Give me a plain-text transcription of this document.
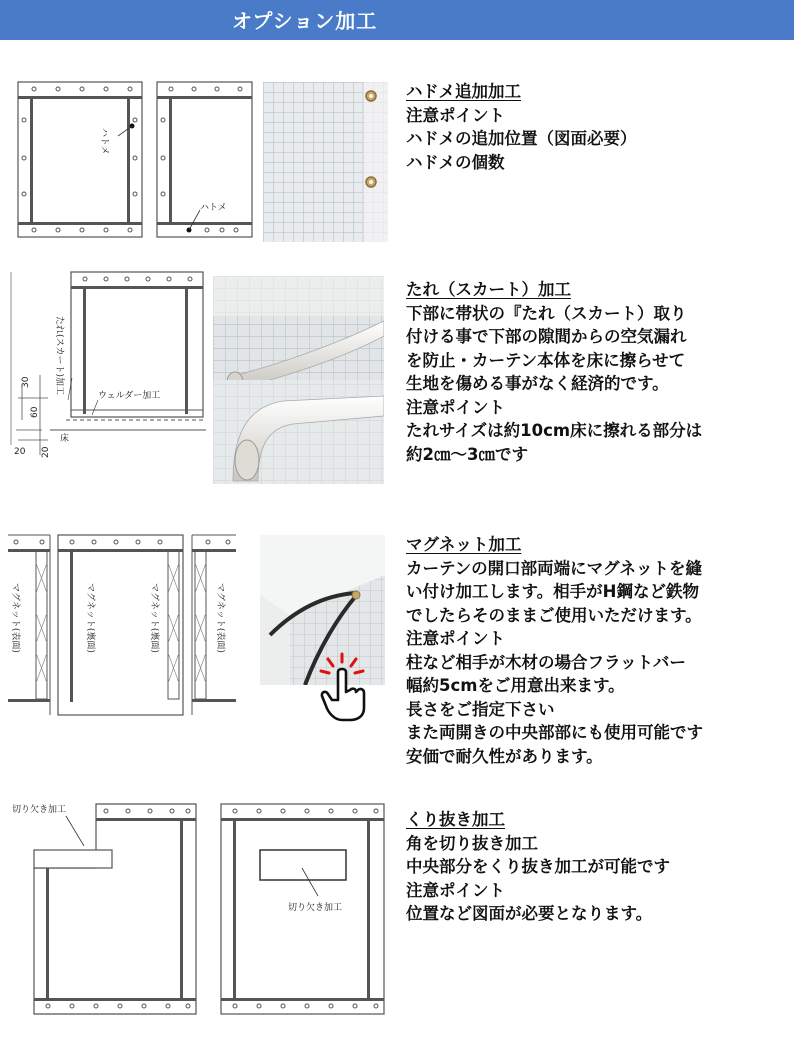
オプション加工
ハトメ
ハトメ
ハドメ追加加工
注意ポイント
ハドメの追加位置（図面必要）
ハドメの個数
30
60
20 20
床
たれ(スカート)加工
ウェルダー加工
たれ（スカート）加工
下部に帯状の『たれ（スカート）取り
付ける事で下部の隙間からの空気漏れ
を防止・カーテン本体を床に擦らせて
生地を傷める事がなく経済的です。
注意ポイント
たれサイズは約10cm床に擦れる部分は
約2㎝～3㎝です
マグネット(表面)	マグネット(裏面)	マグネット(裏面)	マグネット(表面)
マグネット加工
カーテンの開口部両端にマグネットを縫
い付け加工します。相手がH鋼など鉄物
でしたらそのままご使用いただけます。
注意ポイント
柱など相手が木材の場合フラットバー
幅約5cmをご用意出来ます。
長さをご指定下さい
また両開きの中央部部にも使用可能です
安価で耐久性があります。
切り欠き加工
切り欠き加工
くり抜き加工
角を切り抜き加工
中央部分をくり抜き加工が可能です
注意ポイント
位置など図面が必要となります。
